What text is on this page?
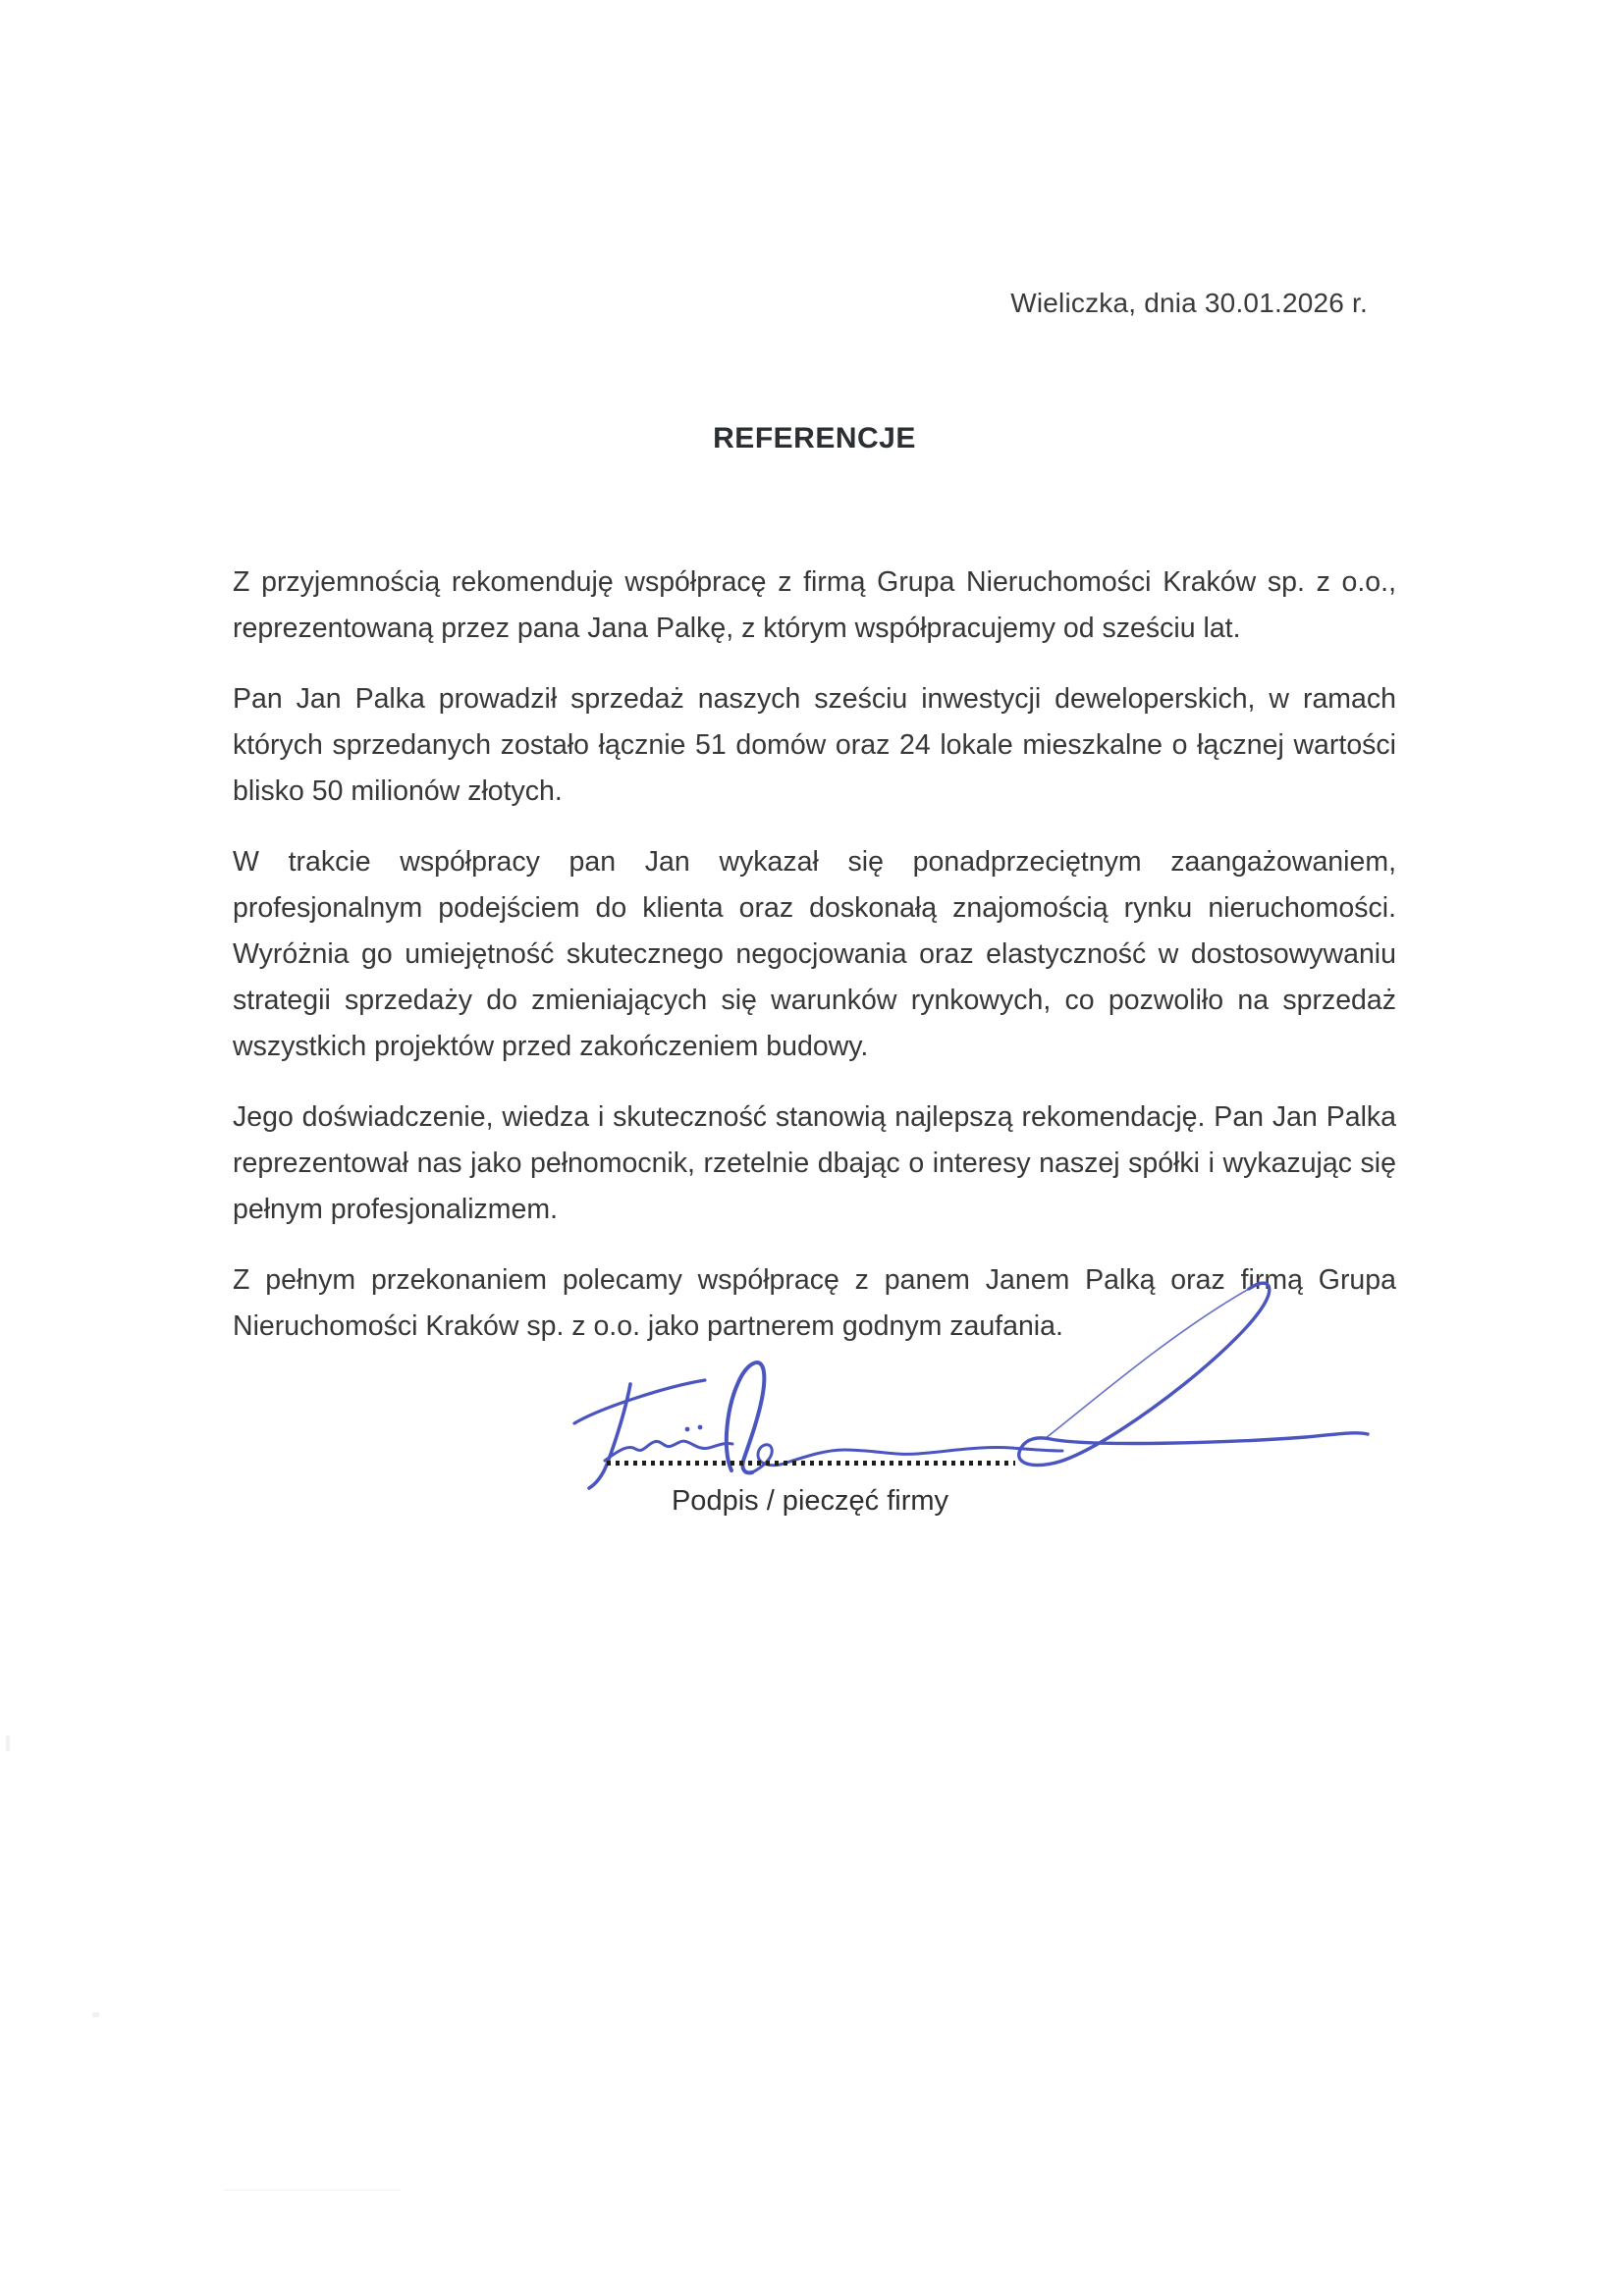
Wieliczka, dnia 30.01.2026 r.
REFERENCJE

Z przyjemnością rekomenduję współpracę z firmą Grupa Nieruchomości Kraków sp. z o.o., reprezentowaną przez pana Jana Palkę, z którym współpracujemy od sześciu lat.

Pan Jan Palka prowadził sprzedaż naszych sześciu inwestycji deweloperskich, w ramach których sprzedanych zostało łącznie 51 domów oraz 24 lokale mieszkalne o łącznej wartości blisko 50 milionów złotych.

W trakcie współpracy pan Jan wykazał się ponadprzeciętnym zaangażowaniem, profesjonalnym podejściem do klienta oraz doskonałą znajomością rynku nieruchomości. Wyróżnia go umiejętność skutecznego negocjowania oraz elastyczność w dostosowywaniu strategii sprzedaży do zmieniających się warunków rynkowych, co pozwoliło na sprzedaż wszystkich projektów przed zakończeniem budowy.

Jego doświadczenie, wiedza i skuteczność stanowią najlepszą rekomendację. Pan Jan Palka reprezentował nas jako pełnomocnik, rzetelnie dbając o interesy naszej spółki i wykazując się pełnym profesjonalizmem.

Z pełnym przekonaniem polecamy współpracę z panem Janem Palką oraz firmą Grupa Nieruchomości Kraków sp. z o.o. jako partnerem godnym zaufania.

Podpis / pieczęć firmy
